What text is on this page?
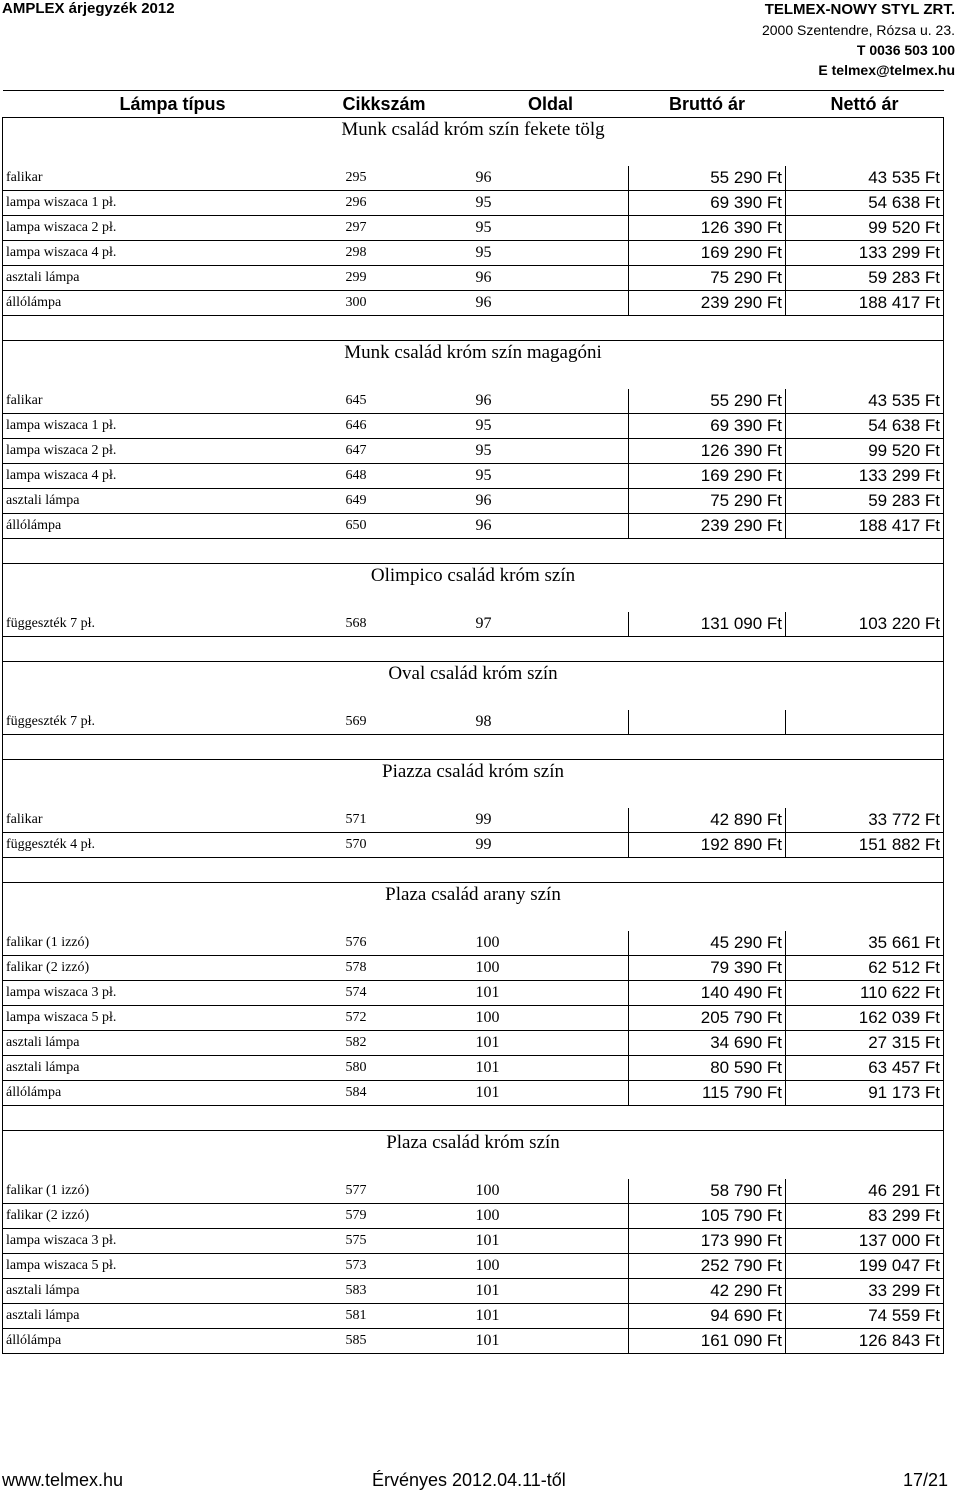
AMPLEX árjegyzék 2012	TELMEX-NOWY STYL ZRT.
2000 Szentendre, Rózsa u. 23.
T 0036 503 100
E telmex@telmex.hu
Lámpa típus	Cikkszám	Oldal	Bruttó ár	Nettó ár
Munk család króm szín fekete tölg				

falikar	295	96	55 290 Ft	43 535 Ft
lampa wiszaca 1 pł.	296	95	69 390 Ft	54 638 Ft
lampa wiszaca 2 pł.	297	95	126 390 Ft	99 520 Ft
lampa wiszaca 4 pł.	298	95	169 290 Ft	133 299 Ft
asztali lámpa	299	96	75 290 Ft	59 283 Ft
állólámpa	300	96	239 290 Ft	188 417 Ft

Munk család króm szín magagóni				

falikar	645	96	55 290 Ft	43 535 Ft
lampa wiszaca 1 pł.	646	95	69 390 Ft	54 638 Ft
lampa wiszaca 2 pł.	647	95	126 390 Ft	99 520 Ft
lampa wiszaca 4 pł.	648	95	169 290 Ft	133 299 Ft
asztali lámpa	649	96	75 290 Ft	59 283 Ft
állólámpa	650	96	239 290 Ft	188 417 Ft

Olimpico család króm szín				

függeszték 7 pł.	568	97	131 090 Ft	103 220 Ft

Oval család króm szín				

függeszték 7 pł.	569	98		

Piazza család króm szín				

falikar	571	99	42 890 Ft	33 772 Ft
függeszték 4 pł.	570	99	192 890 Ft	151 882 Ft

Plaza család arany szín				

falikar (1 izzó)	576	100	45 290 Ft	35 661 Ft
falikar (2 izzó)	578	100	79 390 Ft	62 512 Ft
lampa wiszaca 3 pł.	574	101	140 490 Ft	110 622 Ft
lampa wiszaca 5 pł.	572	100	205 790 Ft	162 039 Ft
asztali lámpa	582	101	34 690 Ft	27 315 Ft
asztali lámpa	580	101	80 590 Ft	63 457 Ft
állólámpa	584	101	115 790 Ft	91 173 Ft

Plaza család króm szín				

falikar (1 izzó)	577	100	58 790 Ft	46 291 Ft
falikar (2 izzó)	579	100	105 790 Ft	83 299 Ft
lampa wiszaca 3 pł.	575	101	173 990 Ft	137 000 Ft
lampa wiszaca 5 pł.	573	100	252 790 Ft	199 047 Ft
asztali lámpa	583	101	42 290 Ft	33 299 Ft
asztali lámpa	581	101	94 690 Ft	74 559 Ft
állólámpa	585	101	161 090 Ft	126 843 Ft
www.telmex.hu	Érvényes 2012.04.11-től	17/21
